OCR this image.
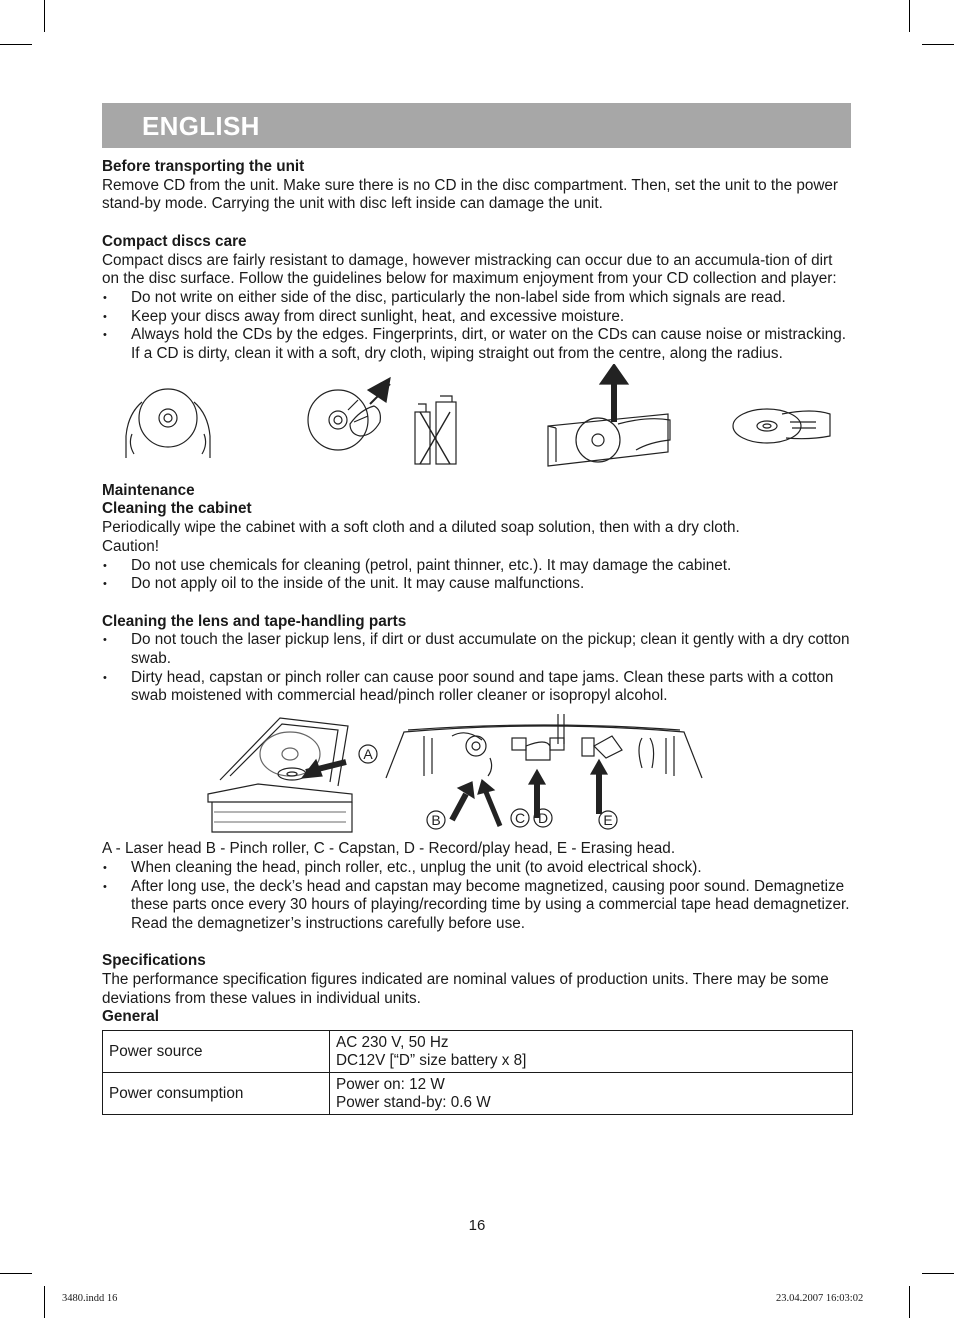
ENGLISH

Before transporting the unit

Remove CD from the unit. Make sure there is no CD in the disc compartment. Then, set the unit to the power stand-by mode. Carrying the unit with disc left inside can damage the unit.

Compact discs care

Compact discs are fairly resistant to damage, however mistracking can occur due to an accumula-tion of dirt on the disc surface. Follow the guidelines below for maximum enjoyment from your CD collection and player:

• Do not write on either side of the disc, particularly the non-label side from which signals are read.
• Keep your discs away from direct sunlight, heat, and excessive moisture.
• Always hold the CDs by the edges. Fingerprints, dirt, or water on the CDs can cause noise or mistracking. If a CD is dirty, clean it with a soft, dry cloth, wiping straight out from the centre, along the radius.

Maintenance

Cleaning the cabinet

Periodically wipe the cabinet with a soft cloth and a diluted soap solution, then with a dry cloth.

Caution!

• Do not use chemicals for cleaning (petrol, paint thinner, etc.). It may damage the cabinet.
• Do not apply oil to the inside of the unit. It may cause malfunctions.

Cleaning the lens and tape-handling parts

• Do not touch the laser pickup lens, if dirt or dust accumulate on the pickup; clean it gently with a dry cotton swab.
• Dirty head, capstan or pinch roller can cause poor sound and tape jams. Clean these parts with a cotton swab moistened with commercial head/pinch roller cleaner or isopropyl alcohol.
A
B	C D	E

A - Laser head B - Pinch roller, C - Capstan, D - Record/play head, E - Erasing head.

• When cleaning the head, pinch roller, etc., unplug the unit (to avoid electrical shock).
• After long use, the deck’s head and capstan may become magnetized, causing poor sound. Demagnetize these parts once every 30 hours of playing/recording time by using a commercial tape head demagnetizer. Read the demagnetizer’s instructions carefully before use.

Specifications

The performance specification figures indicated are nominal values of production units. There may be some deviations from these values in individual units.

General

Power source	AC 230 V, 50 Hz
DC12V [“D” size battery x 8]

Power consumption	Power on: 12 W
Power stand-by: 0.6 W
16
3480.indd 16	23.04.2007 16:03:02
